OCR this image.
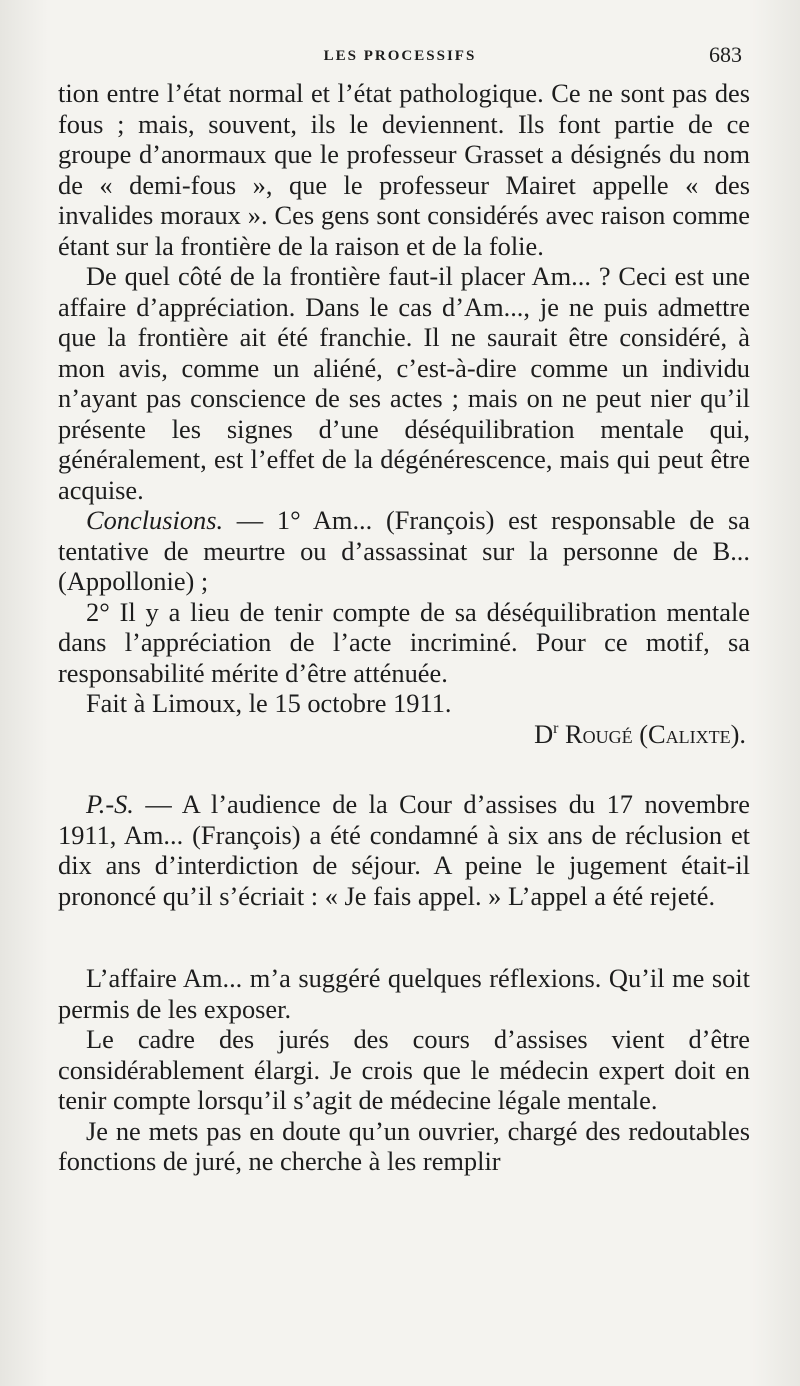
LES PROCESSIFS	683

tion entre l’état normal et l’état pathologique. Ce ne sont pas des fous ; mais, souvent, ils le deviennent. Ils font partie de ce groupe d’anormaux que le professeur Grasset a désignés du nom de « demi-fous », que le professeur Mairet appelle « des invalides moraux ». Ces gens sont considérés avec raison comme étant sur la frontière de la raison et de la folie.

De quel côté de la frontière faut-il placer Am... ? Ceci est une affaire d’appréciation. Dans le cas d’Am..., je ne puis admettre que la frontière ait été franchie. Il ne saurait être considéré, à mon avis, comme un aliéné, c’est-à-dire comme un individu n’ayant pas conscience de ses actes ; mais on ne peut nier qu’il présente les signes d’une déséquilibration mentale qui, généralement, est l’effet de la dégénérescence, mais qui peut être acquise.

Conclusions. — 1° Am... (François) est responsable de sa tentative de meurtre ou d’assassinat sur la personne de B... (Appollonie) ;

2° Il y a lieu de tenir compte de sa déséquilibration mentale dans l’appréciation de l’acte incriminé. Pour ce motif, sa responsabilité mérite d’être atténuée.

Fait à Limoux, le 15 octobre 1911.

$D^r$ Rougé (Calixte).

P.-S. — A l’audience de la Cour d’assises du 17 novembre 1911, Am... (François) a été condamné à six ans de réclusion et dix ans d’interdiction de séjour. A peine le jugement était-il prononcé qu’il s’écriait : « Je fais appel. » L’appel a été rejeté.

L’affaire Am... m’a suggéré quelques réflexions. Qu’il me soit permis de les exposer.

Le cadre des jurés des cours d’assises vient d’être considérablement élargi. Je crois que le médecin expert doit en tenir compte lorsqu’il s’agit de médecine légale mentale.

Je ne mets pas en doute qu’un ouvrier, chargé des redoutables fonctions de juré, ne cherche à les remplir
